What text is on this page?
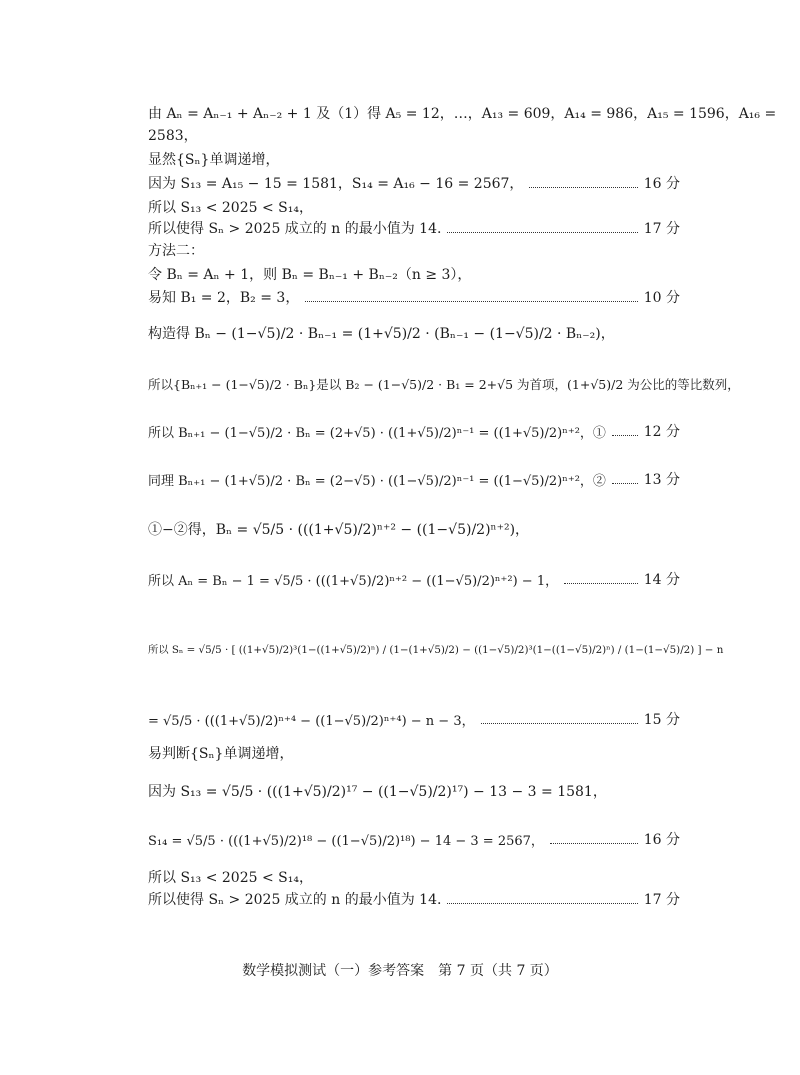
由 Aₙ = Aₙ₋₁ + Aₙ₋₂ + 1 及（1）得 A₅ = 12，…，A₁₃ = 609，A₁₄ = 986，A₁₅ = 1596，A₁₆ =
2583，
显然{Sₙ}单调递增，
因为 S₁₃ = A₁₅ − 15 = 1581，S₁₄ = A₁₆ − 16 = 2567，	16 分
所以 S₁₃ < 2025 < S₁₄，
所以使得 Sₙ > 2025 成立的 n 的最小值为 14.	17 分
方法二：
令 Bₙ = Aₙ + 1，则 Bₙ = Bₙ₋₁ + Bₙ₋₂（n ≥ 3），
易知 B₁ = 2，B₂ = 3，	10 分
构造得 Bₙ − (1−√5)/2 · Bₙ₋₁ = (1+√5)/2 · (Bₙ₋₁ − (1−√5)/2 · Bₙ₋₂)，
所以{Bₙ₊₁ − (1−√5)/2 · Bₙ}是以 B₂ − (1−√5)/2 · B₁ = 2+√5 为首项，(1+√5)/2 为公比的等比数列，
所以 Bₙ₊₁ − (1−√5)/2 · Bₙ = (2+√5) · ((1+√5)/2)ⁿ⁻¹ = ((1+√5)/2)ⁿ⁺²，①	12 分
同理 Bₙ₊₁ − (1+√5)/2 · Bₙ = (2−√5) · ((1−√5)/2)ⁿ⁻¹ = ((1−√5)/2)ⁿ⁺²，②	13 分
①−②得，Bₙ = √5/5 · (((1+√5)/2)ⁿ⁺² − ((1−√5)/2)ⁿ⁺²)，
所以 Aₙ = Bₙ − 1 = √5/5 · (((1+√5)/2)ⁿ⁺² − ((1−√5)/2)ⁿ⁺²) − 1，	14 分
所以 Sₙ = √5/5 · [ ((1+√5)/2)³(1−((1+√5)/2)ⁿ) / (1−(1+√5)/2) − ((1−√5)/2)³(1−((1−√5)/2)ⁿ) / (1−(1−√5)/2) ] − n
= √5/5 · (((1+√5)/2)ⁿ⁺⁴ − ((1−√5)/2)ⁿ⁺⁴) − n − 3，	15 分
易判断{Sₙ}单调递增，
因为 S₁₃ = √5/5 · (((1+√5)/2)¹⁷ − ((1−√5)/2)¹⁷) − 13 − 3 = 1581，
S₁₄ = √5/5 · (((1+√5)/2)¹⁸ − ((1−√5)/2)¹⁸) − 14 − 3 = 2567，	16 分
所以 S₁₃ < 2025 < S₁₄，
所以使得 Sₙ > 2025 成立的 n 的最小值为 14.	17 分
数学模拟测试（一）参考答案　第 7 页（共 7 页）
